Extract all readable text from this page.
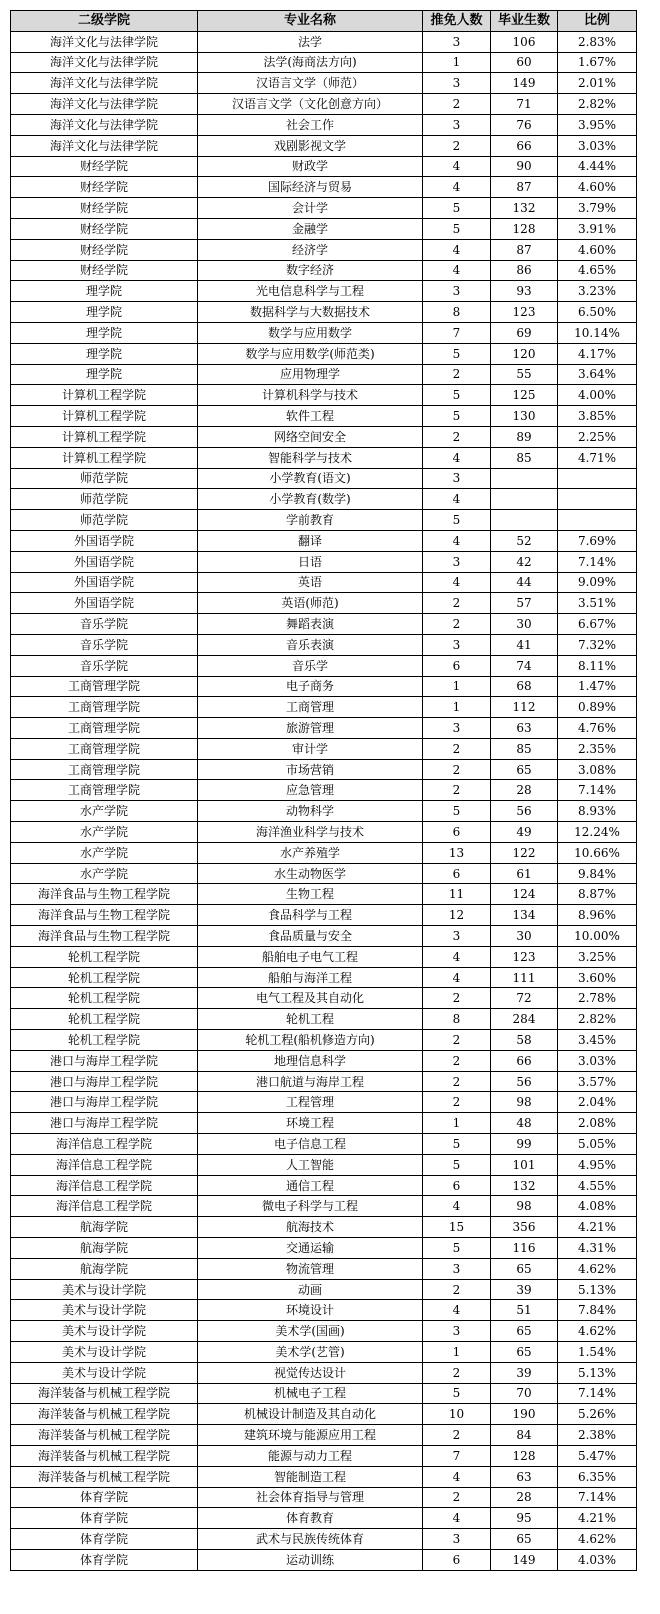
二级学院	专业名称	推免人数	毕业生数	比例
海洋文化与法律学院	法学	3	106	2.83%
海洋文化与法律学院	法学(海商法方向)	1	60	1.67%
海洋文化与法律学院	汉语言文学（师范）	3	149	2.01%
海洋文化与法律学院	汉语言文学（文化创意方向）	2	71	2.82%
海洋文化与法律学院	社会工作	3	76	3.95%
海洋文化与法律学院	戏剧影视文学	2	66	3.03%
财经学院	财政学	4	90	4.44%
财经学院	国际经济与贸易	4	87	4.60%
财经学院	会计学	5	132	3.79%
财经学院	金融学	5	128	3.91%
财经学院	经济学	4	87	4.60%
财经学院	数字经济	4	86	4.65%
理学院	光电信息科学与工程	3	93	3.23%
理学院	数据科学与大数据技术	8	123	6.50%
理学院	数学与应用数学	7	69	10.14%
理学院	数学与应用数学(师范类)	5	120	4.17%
理学院	应用物理学	2	55	3.64%
计算机工程学院	计算机科学与技术	5	125	4.00%
计算机工程学院	软件工程	5	130	3.85%
计算机工程学院	网络空间安全	2	89	2.25%
计算机工程学院	智能科学与技术	4	85	4.71%
师范学院	小学教育(语文)	3		
师范学院	小学教育(数学)	4		
师范学院	学前教育	5		
外国语学院	翻译	4	52	7.69%
外国语学院	日语	3	42	7.14%
外国语学院	英语	4	44	9.09%
外国语学院	英语(师范)	2	57	3.51%
音乐学院	舞蹈表演	2	30	6.67%
音乐学院	音乐表演	3	41	7.32%
音乐学院	音乐学	6	74	8.11%
工商管理学院	电子商务	1	68	1.47%
工商管理学院	工商管理	1	112	0.89%
工商管理学院	旅游管理	3	63	4.76%
工商管理学院	审计学	2	85	2.35%
工商管理学院	市场营销	2	65	3.08%
工商管理学院	应急管理	2	28	7.14%
水产学院	动物科学	5	56	8.93%
水产学院	海洋渔业科学与技术	6	49	12.24%
水产学院	水产养殖学	13	122	10.66%
水产学院	水生动物医学	6	61	9.84%
海洋食品与生物工程学院	生物工程	11	124	8.87%
海洋食品与生物工程学院	食品科学与工程	12	134	8.96%
海洋食品与生物工程学院	食品质量与安全	3	30	10.00%
轮机工程学院	船舶电子电气工程	4	123	3.25%
轮机工程学院	船舶与海洋工程	4	111	3.60%
轮机工程学院	电气工程及其自动化	2	72	2.78%
轮机工程学院	轮机工程	8	284	2.82%
轮机工程学院	轮机工程(船机修造方向)	2	58	3.45%
港口与海岸工程学院	地理信息科学	2	66	3.03%
港口与海岸工程学院	港口航道与海岸工程	2	56	3.57%
港口与海岸工程学院	工程管理	2	98	2.04%
港口与海岸工程学院	环境工程	1	48	2.08%
海洋信息工程学院	电子信息工程	5	99	5.05%
海洋信息工程学院	人工智能	5	101	4.95%
海洋信息工程学院	通信工程	6	132	4.55%
海洋信息工程学院	微电子科学与工程	4	98	4.08%
航海学院	航海技术	15	356	4.21%
航海学院	交通运输	5	116	4.31%
航海学院	物流管理	3	65	4.62%
美术与设计学院	动画	2	39	5.13%
美术与设计学院	环境设计	4	51	7.84%
美术与设计学院	美术学(国画)	3	65	4.62%
美术与设计学院	美术学(艺管)	1	65	1.54%
美术与设计学院	视觉传达设计	2	39	5.13%
海洋装备与机械工程学院	机械电子工程	5	70	7.14%
海洋装备与机械工程学院	机械设计制造及其自动化	10	190	5.26%
海洋装备与机械工程学院	建筑环境与能源应用工程	2	84	2.38%
海洋装备与机械工程学院	能源与动力工程	7	128	5.47%
海洋装备与机械工程学院	智能制造工程	4	63	6.35%
体育学院	社会体育指导与管理	2	28	7.14%
体育学院	体育教育	4	95	4.21%
体育学院	武术与民族传统体育	3	65	4.62%
体育学院	运动训练	6	149	4.03%
